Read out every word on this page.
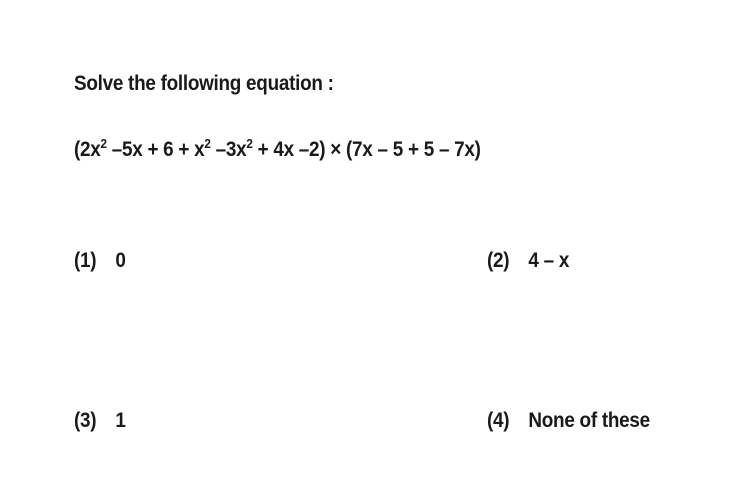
Solve the following equation :
($2x^2$ $-5x + 6 + x^2$ $-3x^2 + 4x$ –2) × (7x – 5 + 5 – 7x)
(1) 0	(2) 4 – x
(3) 1	(4) None of these
